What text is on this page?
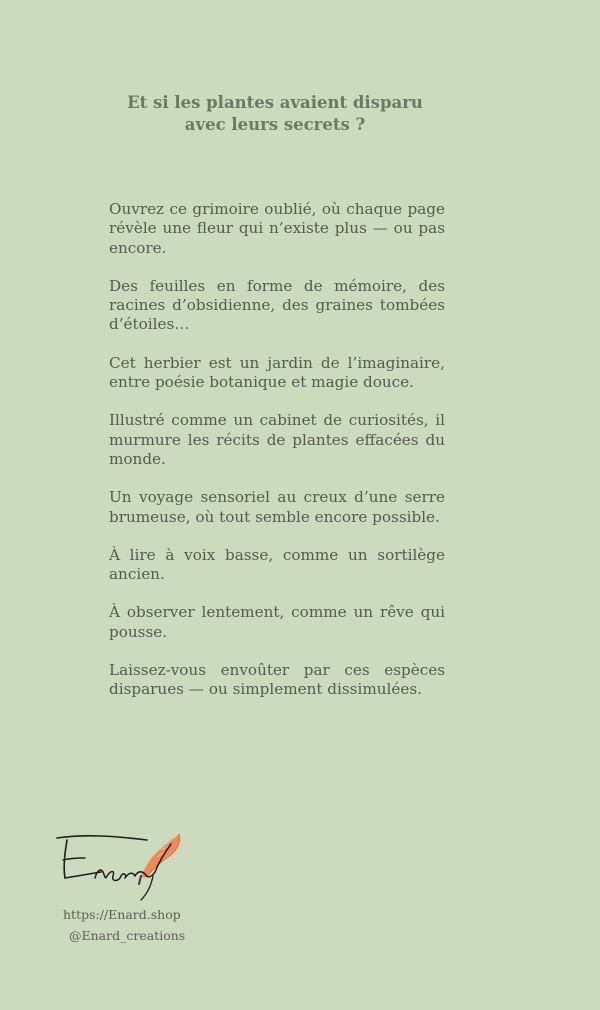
Et si les plantes avaient disparu
avec leurs secrets ?

Ouvrez ce grimoire oublié, où chaque page révèle une fleur qui n’existe plus — ou pas encore.

Des feuilles en forme de mémoire, des racines d’obsidienne, des graines tombées d’étoiles…

Cet herbier est un jardin de l’imaginaire, entre poésie botanique et magie douce.

Illustré comme un cabinet de curiosités, il murmure les récits de plantes effacées du monde.

Un voyage sensoriel au creux d’une serre brumeuse, où tout semble encore possible.

À lire à voix basse, comme un sortilège ancien.

À observer lentement, comme un rêve qui pousse.

Laissez-vous envoûter par ces espèces disparues — ou simplement dissimulées.

https://Enard.shop
@Enard_creations
